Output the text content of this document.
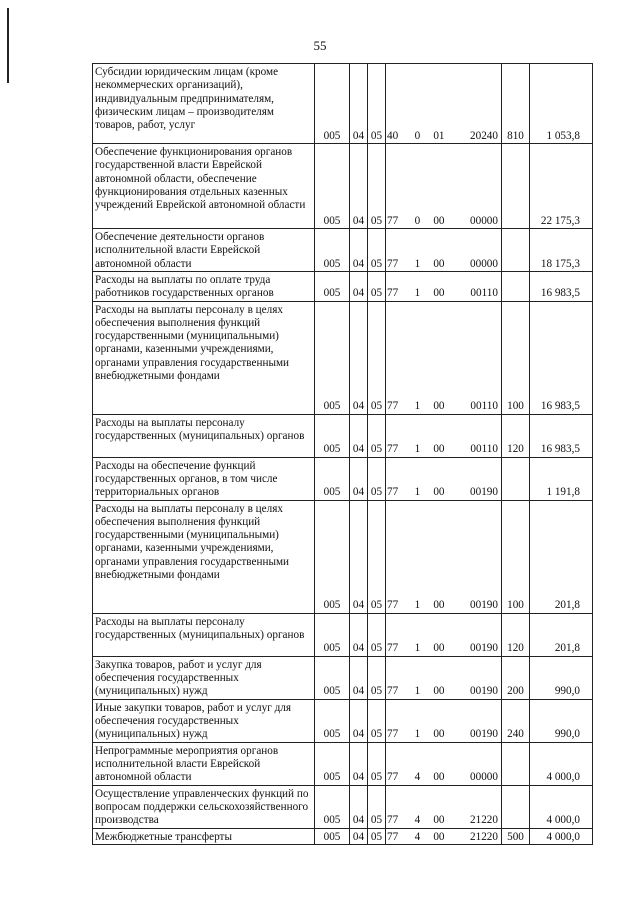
55
Субсидии юридическим лицам (кроме некоммерческих организаций), индивидуальным предпринимателям, физическим лицам – производителям товаров, работ, услуг	005	04	05	40 0 01 20240	810	1 053,8
Обеспечение функционирования органов государственной власти Еврейской автономной области, обеспечение функционирования отдельных казенных учреждений Еврейской автономной области	005	04	05	77 0 00 00000		22 175,3
Обеспечение деятельности органов исполнительной власти Еврейской автономной области	005	04	05	77 1 00 00000		18 175,3
Расходы на выплаты по оплате труда работников государственных органов	005	04	05	77 1 00 00110		16 983,5
Расходы на выплаты персоналу в целях обеспечения выполнения функций государственными (муниципальными) органами, казенными учреждениями, органами управления государственными внебюджетными фондами	005	04	05	77 1 00 00110	100	16 983,5
Расходы на выплаты персоналу государственных (муниципальных) органов	005	04	05	77 1 00 00110	120	16 983,5
Расходы на обеспечение функций государственных органов, в том числе территориальных органов	005	04	05	77 1 00 00190		1 191,8
Расходы на выплаты персоналу в целях обеспечения выполнения функций государственными (муниципальными) органами, казенными учреждениями, органами управления государственными внебюджетными фондами	005	04	05	77 1 00 00190	100	201,8
Расходы на выплаты персоналу государственных (муниципальных) органов	005	04	05	77 1 00 00190	120	201,8
Закупка товаров, работ и услуг для обеспечения государственных (муниципальных) нужд	005	04	05	77 1 00 00190	200	990,0
Иные закупки товаров, работ и услуг для обеспечения государственных (муниципальных) нужд	005	04	05	77 1 00 00190	240	990,0
Непрограммные мероприятия органов исполнительной власти Еврейской автономной области	005	04	05	77 4 00 00000		4 000,0
Осуществление управленческих функций по вопросам поддержки сельскохозяйственного производства	005	04	05	77 4 00 21220		4 000,0
Межбюджетные трансферты	005	04	05	77 4 00 21220	500	4 000,0
